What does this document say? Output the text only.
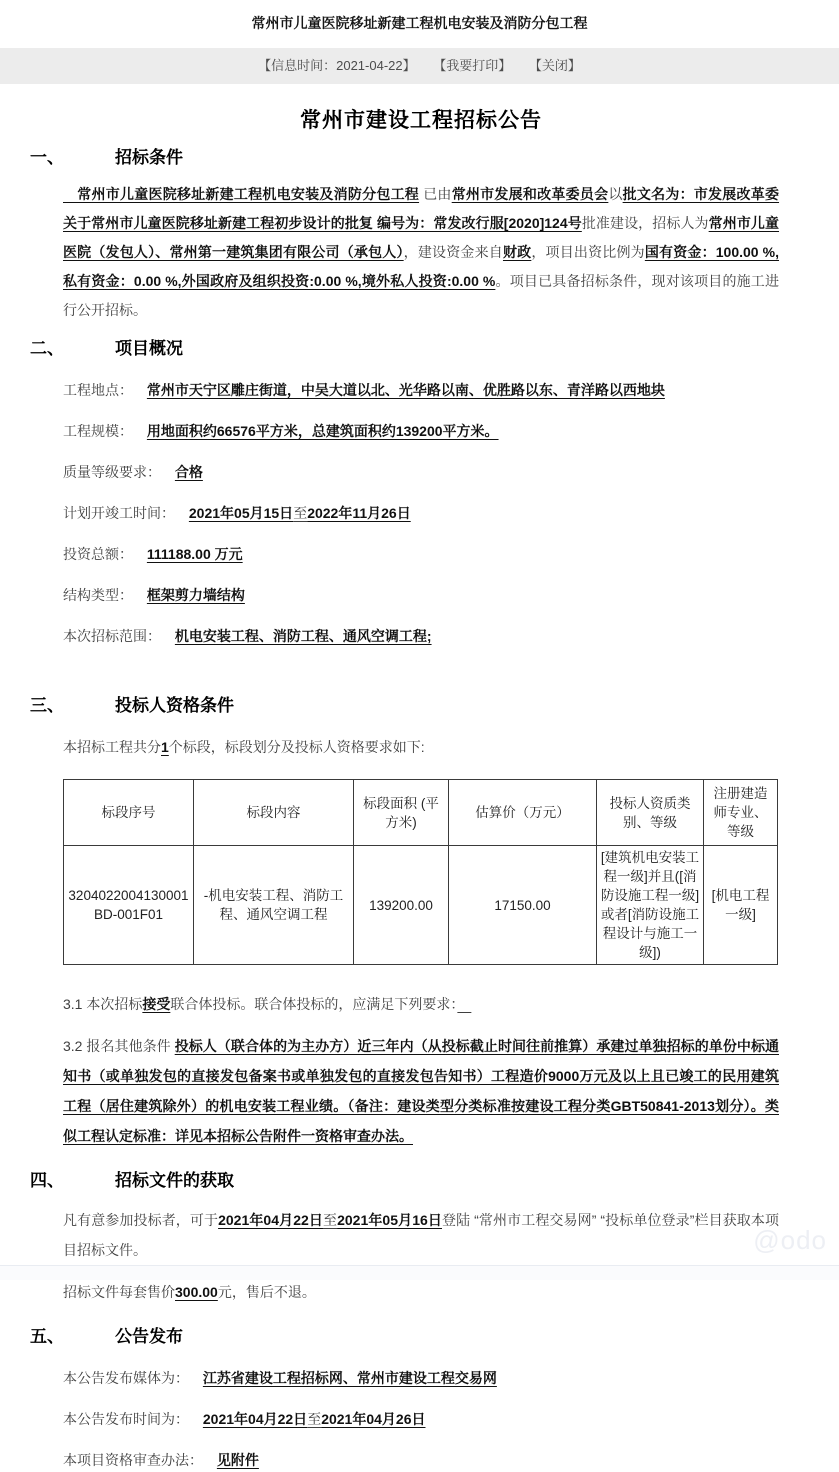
常州市儿童医院移址新建工程机电安装及消防分包工程
【信息时间：2021-04-22】 【我要打印】 【关闭】
常州市建设工程招标公告
一、	招标条件

　常州市儿童医院移址新建工程机电安装及消防分包工程 已由常州市发展和改革委员会以批文名为：市发展改革委关于常州市儿童医院移址新建工程初步设计的批复 编号为：常发改行服[2020]124号批准建设，招标人为常州市儿童医院（发包人）、常州第一建筑集团有限公司（承包人），建设资金来自财政，项目出资比例为国有资金：100.00 %,私有资金：0.00 %,外国政府及组织投资:0.00 %,境外私人投资:0.00 %。项目已具备招标条件，现对该项目的施工进行公开招标。

二、	项目概况
工程地点： 常州市天宁区雕庄街道，中吴大道以北、光华路以南、优胜路以东、青洋路以西地块
工程规模： 用地面积约66576平方米，总建筑面积约139200平方米。
质量等级要求： 合格
计划开竣工时间： 2021年05月15日至2022年11月26日
投资总额： 111188.00 万元
结构类型： 框架剪力墙结构
本次招标范围： 机电安装工程、消防工程、通风空调工程;
三、	投标人资格条件
本招标工程共分1个标段，标段划分及投标人资格要求如下:
标段序号	标段内容	标段面积 (平方米)	估算价（万元）	投标人资质类别、等级	注册建造师专业、等级
3204022004130001BD-001F01	-机电安装工程、消防工程、通风空调工程	139200.00	17150.00	[建筑机电安装工程一级]并且([消防设施工程一级]或者[消防设施工程设计与施工一级])	[机电工程一级]

3.1 本次招标接受联合体投标。联合体投标的，应满足下列要求：　

3.2 报名其他条件 投标人（联合体的为主办方）近三年内（从投标截止时间往前推算）承建过单独招标的单份中标通知书（或单独发包的直接发包备案书或单独发包的直接发包告知书）工程造价9000万元及以上且已竣工的民用建筑工程（居住建筑除外）的机电安装工程业绩。（备注：建设类型分类标准按建设工程分类GBT50841-2013划分）。类似工程认定标准：详见本招标公告附件一资格审查办法。

四、	招标文件的获取

凡有意参加投标者，可于2021年04月22日至2021年05月16日登陆 “常州市工程交易网” “投标单位登录”栏目获取本项目招标文件。

招标文件每套售价300.00元，售后不退。

五、	公告发布
本公告发布媒体为： 江苏省建设工程招标网、常州市建设工程交易网
本公告发布时间为： 2021年04月22日至2021年04月26日
本项目资格审查办法： 见附件
@odo
